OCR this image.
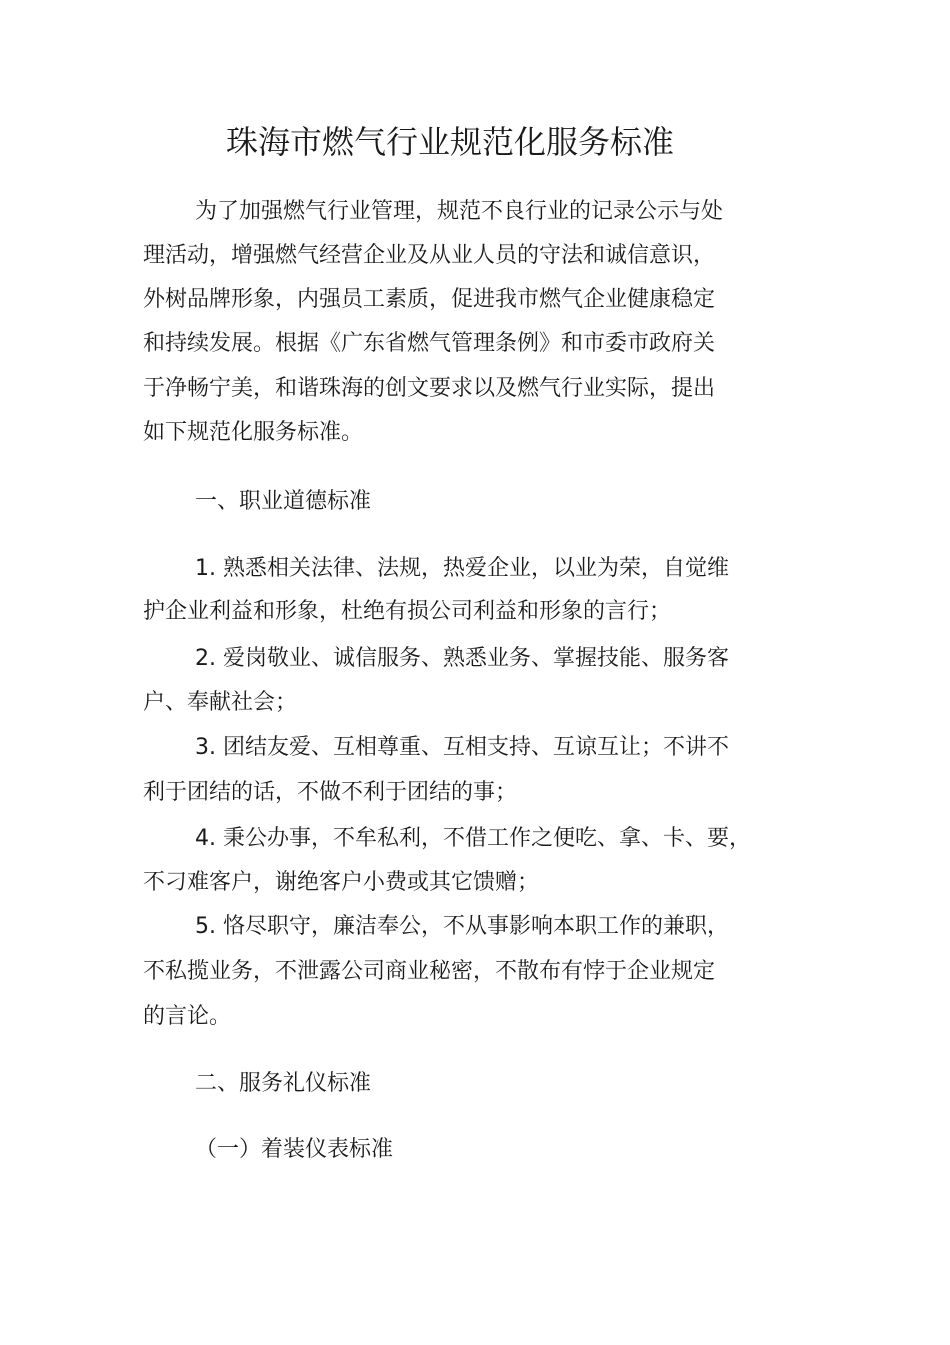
珠海市燃气行业规范化服务标准
为了加强燃气行业管理，规范不良行业的记录公示与处
理活动，增强燃气经营企业及从业人员的守法和诚信意识，
外树品牌形象，内强员工素质，促进我市燃气企业健康稳定
和持续发展。根据《广东省燃气管理条例》和市委市政府关
于净畅宁美，和谐珠海的创文要求以及燃气行业实际，提出
如下规范化服务标准。
一、职业道德标准
1. 熟悉相关法律、法规，热爱企业，以业为荣，自觉维
护企业利益和形象，杜绝有损公司利益和形象的言行；
2. 爱岗敬业、诚信服务、熟悉业务、掌握技能、服务客
户、奉献社会；
3. 团结友爱、互相尊重、互相支持、互谅互让；不讲不
利于团结的话，不做不利于团结的事；
4. 秉公办事，不牟私利，不借工作之便吃、拿、卡、要，
不刁难客户，谢绝客户小费或其它馈赠；
5. 恪尽职守，廉洁奉公，不从事影响本职工作的兼职，
不私揽业务，不泄露公司商业秘密，不散布有悖于企业规定
的言论。
二、服务礼仪标准
（一）着装仪表标准
